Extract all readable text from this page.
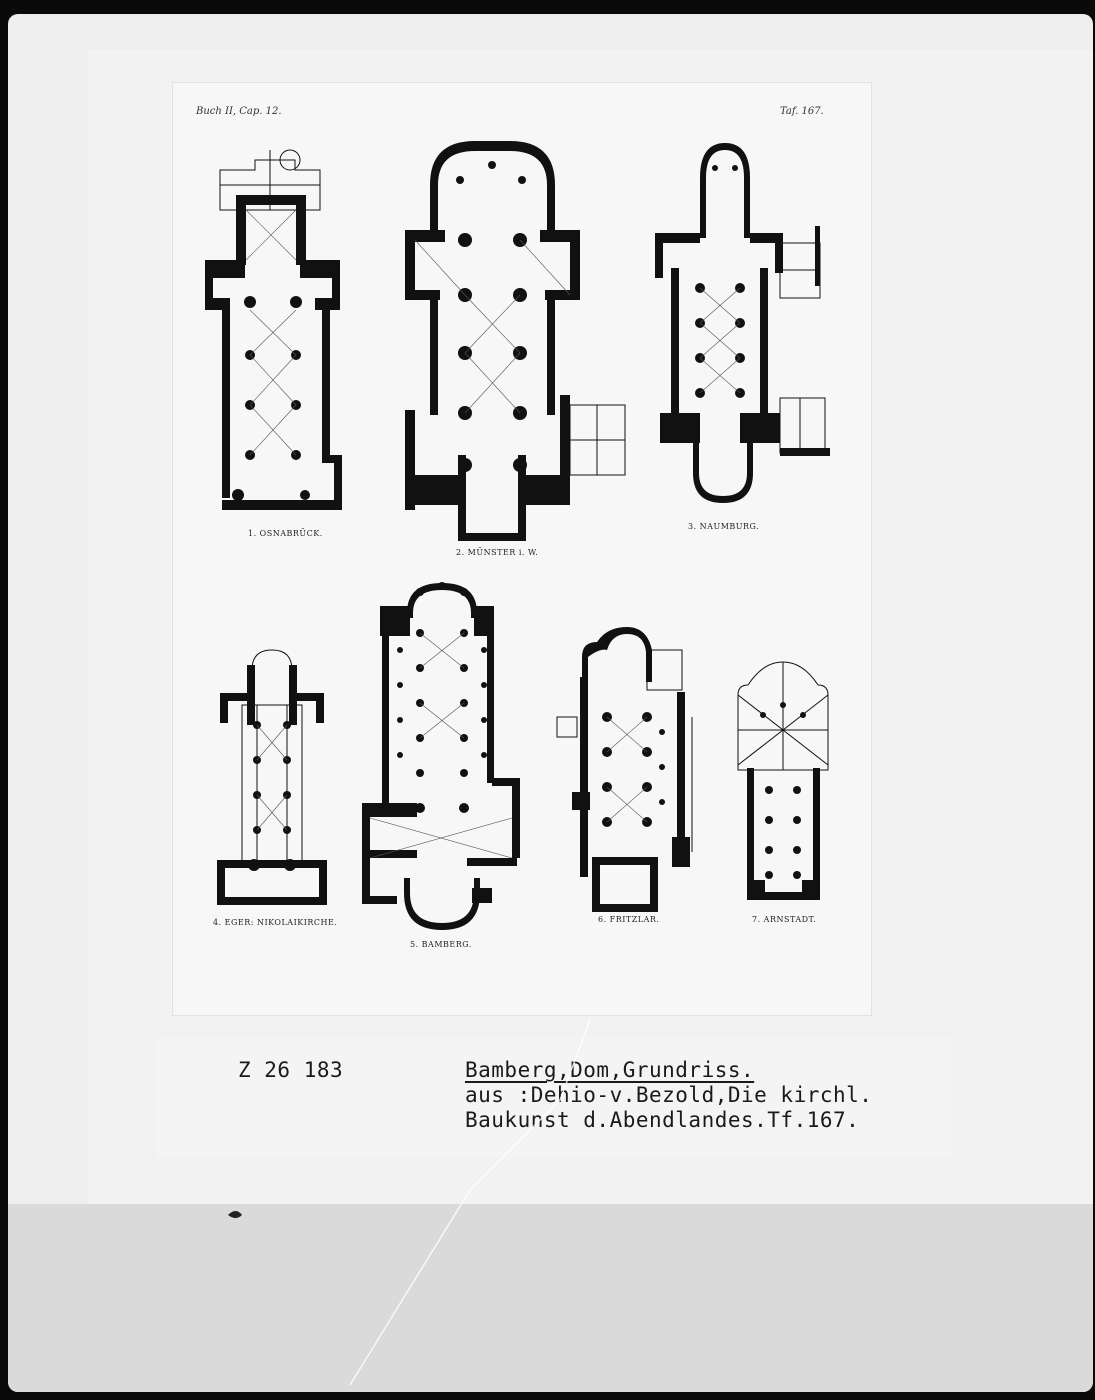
Buch II, Cap. 12.	Taf. 167.
1. OSNABRÜCK.
2. MÜNSTER i. W.
3. NAUMBURG.
4. EGER: NIKOLAIKIRCHE.
5. BAMBERG.
6. FRITZLAR.	7. ARNSTADT.
Z 26 183	Bamberg,Dom,Grundriss.
aus :Dehio-v.Bezold,Die kirchl.
Baukunst d.Abendlandes.Tf.167.
